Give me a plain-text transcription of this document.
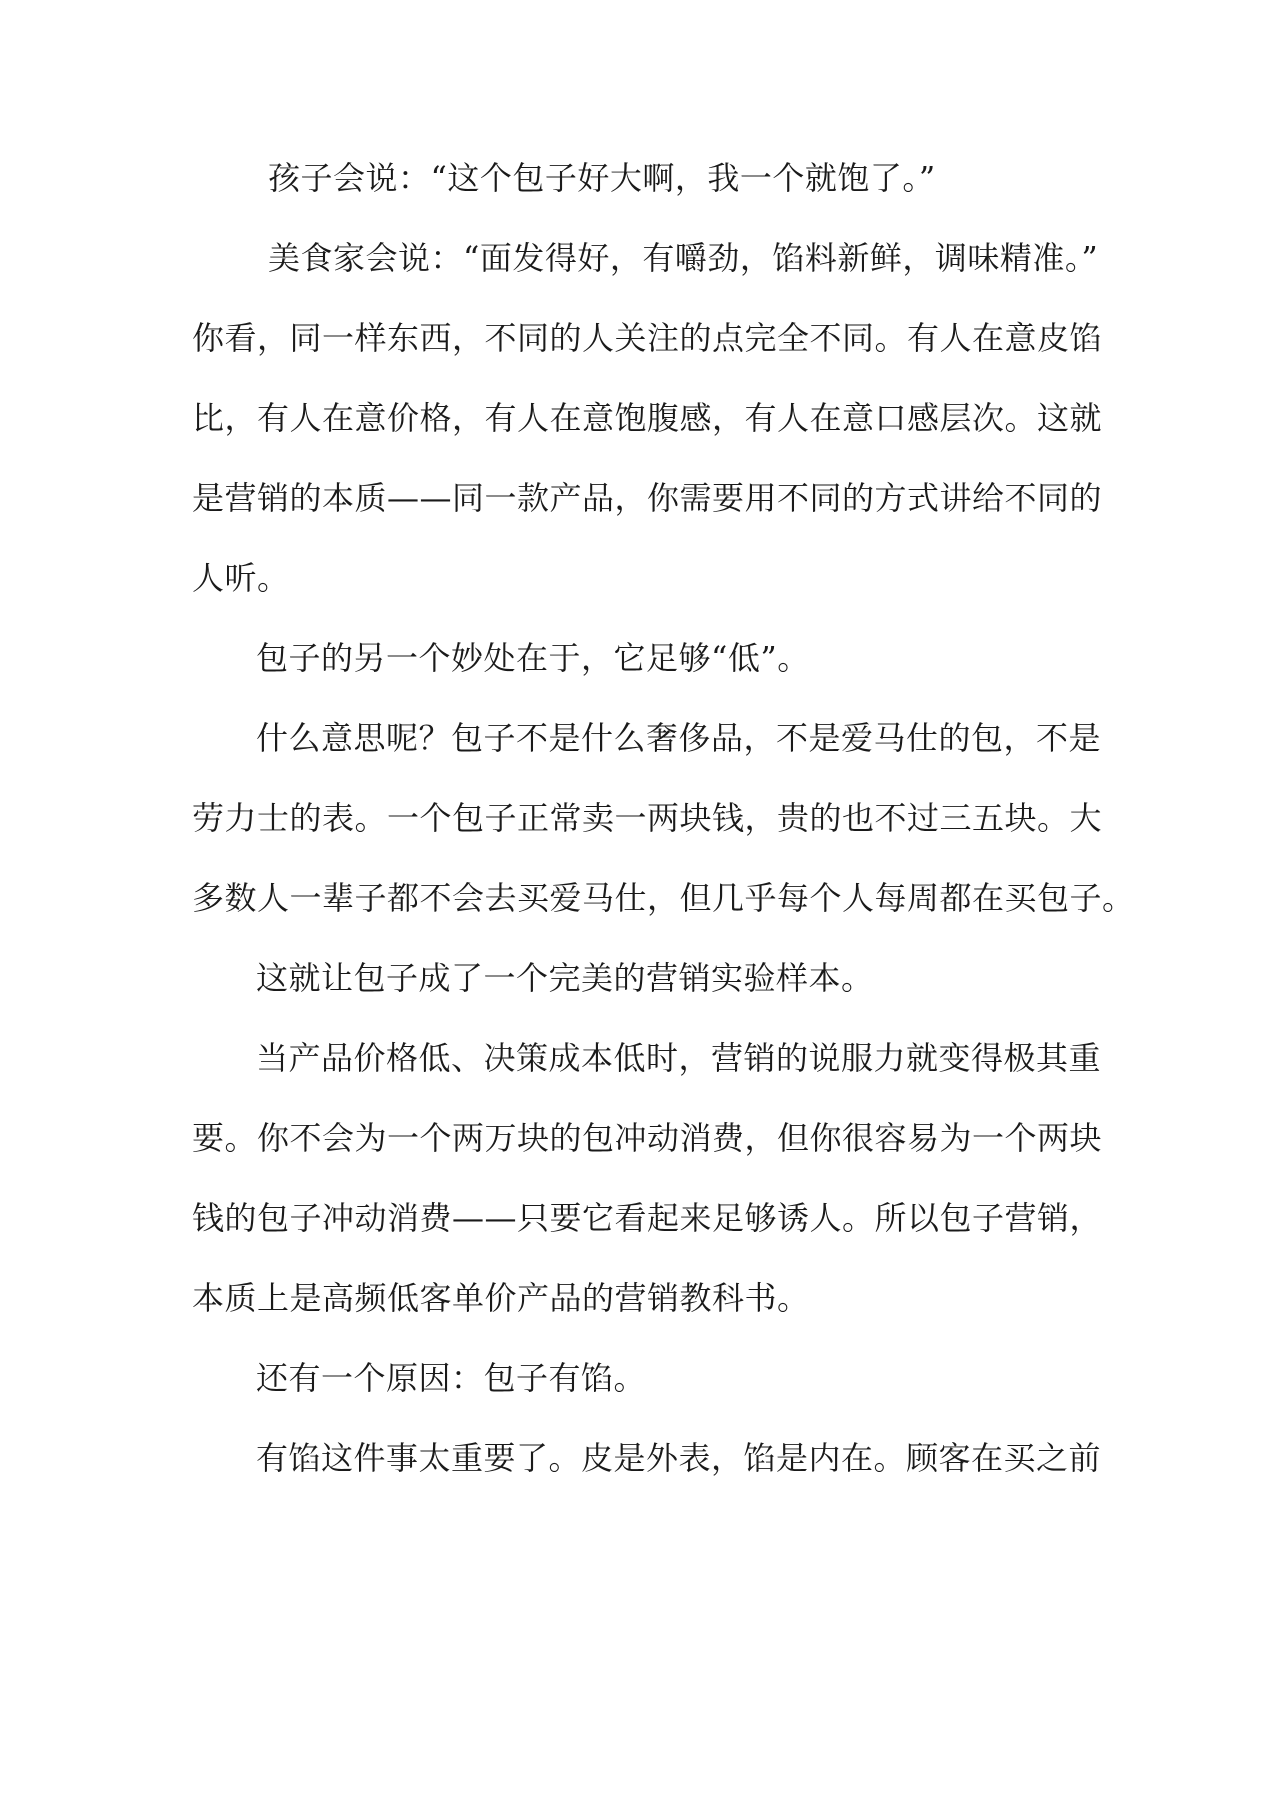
孩子会说：“这个包子好大啊，我一个就饱了。”
美食家会说：“面发得好，有嚼劲，馅料新鲜，调味精准。”
你看，同一样东西，不同的人关注的点完全不同。有人在意皮馅
比，有人在意价格，有人在意饱腹感，有人在意口感层次。这就
是营销的本质——同一款产品，你需要用不同的方式讲给不同的
人听。
包子的另一个妙处在于，它足够“低”。
什么意思呢？包子不是什么奢侈品，不是爱马仕的包，不是
劳力士的表。一个包子正常卖一两块钱，贵的也不过三五块。大
多数人一辈子都不会去买爱马仕，但几乎每个人每周都在买包子。
这就让包子成了一个完美的营销实验样本。
当产品价格低、决策成本低时，营销的说服力就变得极其重
要。你不会为一个两万块的包冲动消费，但你很容易为一个两块
钱的包子冲动消费——只要它看起来足够诱人。所以包子营销，
本质上是高频低客单价产品的营销教科书。
还有一个原因：包子有馅。
有馅这件事太重要了。皮是外表，馅是内在。顾客在买之前
